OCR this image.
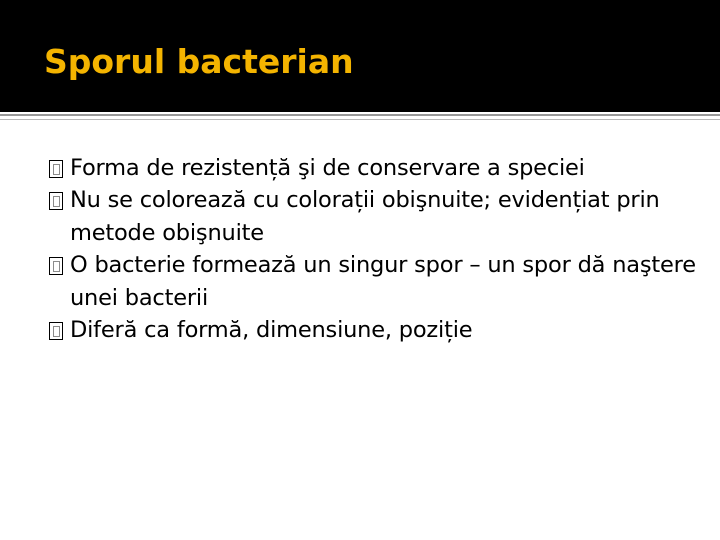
Sporul bacterian
Forma de rezistență şi de conservare a speciei
Nu se colorează cu colorații obişnuite; evidențiat prin metode obişnuite
O bacterie formează un singur spor – un spor dă naştere unei bacterii
Diferă ca formă, dimensiune, poziție
